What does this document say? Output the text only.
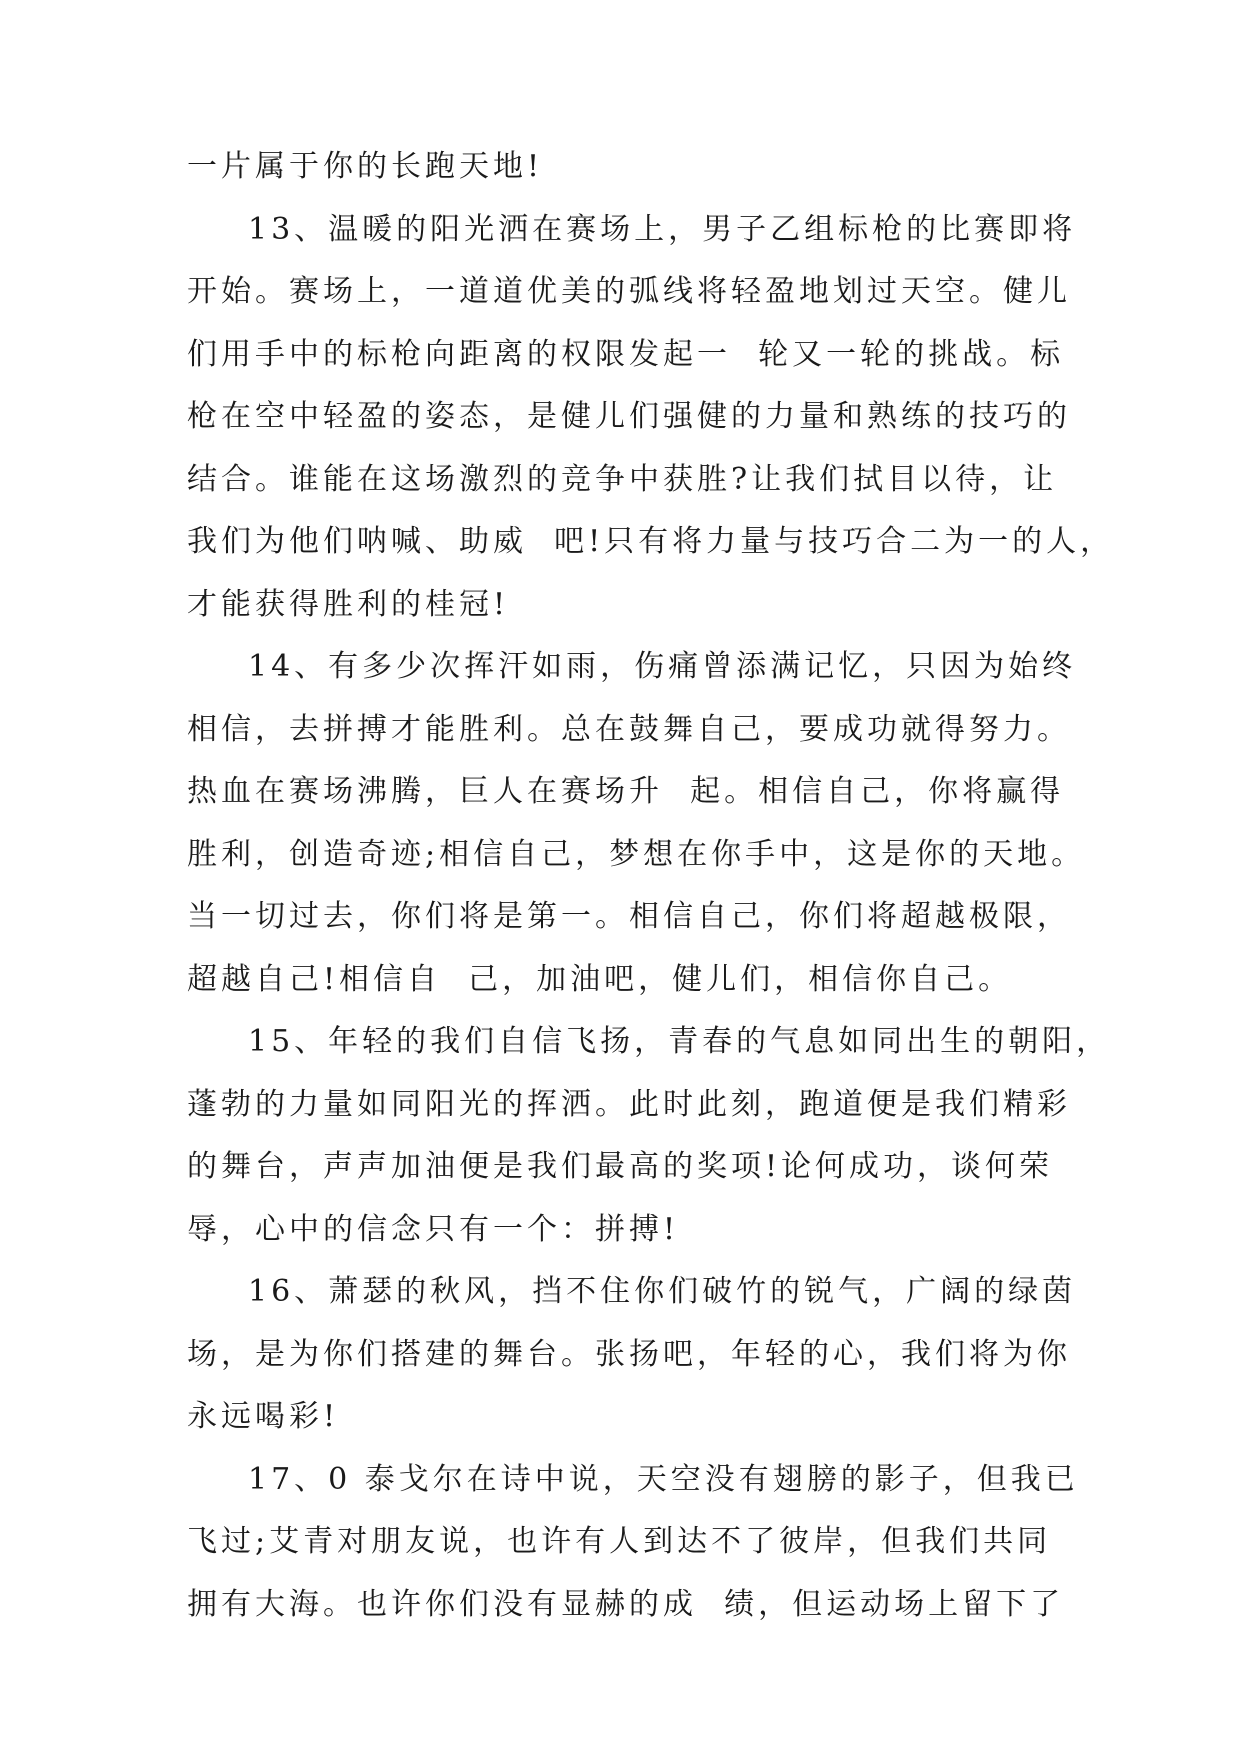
一片属于你的长跑天地!
13、温暖的阳光洒在赛场上，男子乙组标枪的比赛即将
开始。赛场上，一道道优美的弧线将轻盈地划过天空。健儿
们用手中的标枪向距离的权限发起一  轮又一轮的挑战。标
枪在空中轻盈的姿态，是健儿们强健的力量和熟练的技巧的
结合。谁能在这场激烈的竞争中获胜?让我们拭目以待，让
我们为他们呐喊、助威  吧!只有将力量与技巧合二为一的人，
才能获得胜利的桂冠!
14、有多少次挥汗如雨，伤痛曾添满记忆，只因为始终
相信，去拼搏才能胜利。总在鼓舞自己，要成功就得努力。
热血在赛场沸腾，巨人在赛场升  起。相信自己，你将赢得
胜利，创造奇迹;相信自己，梦想在你手中，这是你的天地。
当一切过去，你们将是第一。相信自己，你们将超越极限，
超越自己!相信自  己，加油吧，健儿们，相信你自己。
15、年轻的我们自信飞扬，青春的气息如同出生的朝阳，
蓬勃的力量如同阳光的挥洒。此时此刻，跑道便是我们精彩
的舞台，声声加油便是我们最高的奖项!论何成功，谈何荣
辱，心中的信念只有一个：拼搏!
16、萧瑟的秋风，挡不住你们破竹的锐气，广阔的绿茵
场，是为你们搭建的舞台。张扬吧，年轻的心，我们将为你
永远喝彩!
17、0 泰戈尔在诗中说，天空没有翅膀的影子，但我已
飞过;艾青对朋友说，也许有人到达不了彼岸，但我们共同
拥有大海。也许你们没有显赫的成  绩，但运动场上留下了
